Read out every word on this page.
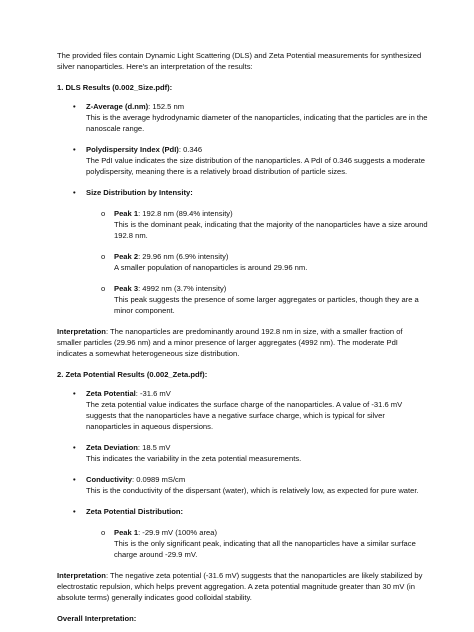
The provided files contain Dynamic Light Scattering (DLS) and Zeta Potential measurements for synthesized silver nanoparticles. Here's an interpretation of the results:

1. DLS Results (0.002_Size.pdf):

• Z-Average (d.nm): 152.5 nm
This is the average hydrodynamic diameter of the nanoparticles, indicating that the particles are in the nanoscale range.
• Polydispersity Index (PdI): 0.346
The PdI value indicates the size distribution of the nanoparticles. A PdI of 0.346 suggests a moderate polydispersity, meaning there is a relatively broad distribution of particle sizes.
• Size Distribution by Intensity:
o Peak 1: 192.8 nm (89.4% intensity)
This is the dominant peak, indicating that the majority of the nanoparticles have a size around 192.8 nm.
o Peak 2: 29.96 nm (6.9% intensity)
A smaller population of nanoparticles is around 29.96 nm.
o Peak 3: 4992 nm (3.7% intensity)
This peak suggests the presence of some larger aggregates or particles, though they are a minor component.

Interpretation: The nanoparticles are predominantly around 192.8 nm in size, with a smaller fraction of smaller particles (29.96 nm) and a minor presence of larger aggregates (4992 nm). The moderate PdI indicates a somewhat heterogeneous size distribution.

2. Zeta Potential Results (0.002_Zeta.pdf):

• Zeta Potential: -31.6 mV
The zeta potential value indicates the surface charge of the nanoparticles. A value of -31.6 mV suggests that the nanoparticles have a negative surface charge, which is typical for silver nanoparticles in aqueous dispersions.
• Zeta Deviation: 18.5 mV
This indicates the variability in the zeta potential measurements.
• Conductivity: 0.0989 mS/cm
This is the conductivity of the dispersant (water), which is relatively low, as expected for pure water.
• Zeta Potential Distribution:
o Peak 1: -29.9 mV (100% area)
This is the only significant peak, indicating that all the nanoparticles have a similar surface charge around -29.9 mV.

Interpretation: The negative zeta potential (-31.6 mV) suggests that the nanoparticles are likely stabilized by electrostatic repulsion, which helps prevent aggregation. A zeta potential magnitude greater than 30 mV (in absolute terms) generally indicates good colloidal stability.

Overall Interpretation:
